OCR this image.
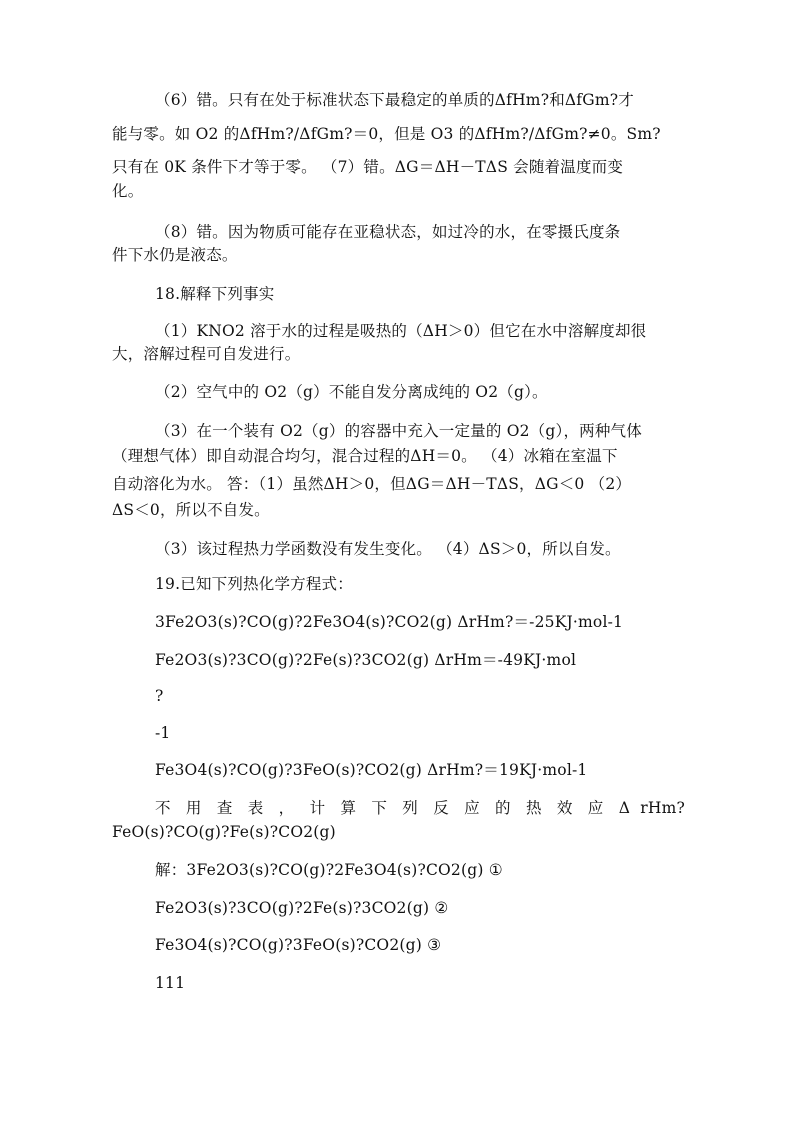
（6）错。只有在处于标准状态下最稳定的单质的ΔfHm?和ΔfGm?才
能与零。如 O2 的ΔfHm?/ΔfGm?＝0，但是 O3 的ΔfHm?/ΔfGm?≠0。Sm?
只有在 0K 条件下才等于零。 （7）错。ΔG＝ΔH－TΔS 会随着温度而变
化。
（8）错。因为物质可能存在亚稳状态，如过冷的水，在零摄氏度条
件下水仍是液态。
18.解释下列事实
（1）KNO2 溶于水的过程是吸热的（ΔH＞0）但它在水中溶解度却很
大，溶解过程可自发进行。
（2）空气中的 O2（g）不能自发分离成纯的 O2（g）。
（3）在一个装有 O2（g）的容器中充入一定量的 O2（g），两种气体
（理想气体）即自动混合均匀，混合过程的ΔH＝0。 （4）冰箱在室温下
自动溶化为水。 答：（1）虽然ΔH＞0，但ΔG＝ΔH－TΔS，ΔG＜0 （2）
ΔS＜0，所以不自发。
（3）该过程热力学函数没有发生变化。 （4）ΔS＞0，所以自发。
19.已知下列热化学方程式：
3Fe2O3(s)?CO(g)?2Fe3O4(s)?CO2(g) ΔrHm?＝-25KJ·mol-1
Fe2O3(s)?3CO(g)?2Fe(s)?3CO2(g) ΔrHm＝-49KJ·mol
?
-1
Fe3O4(s)?CO(g)?3FeO(s)?CO2(g) ΔrHm?＝19KJ·mol-1
不 用 查 表 ， 计 算 下 列 反 应 的 热 效 应 Δ rHm?
FeO(s)?CO(g)?Fe(s)?CO2(g)
解：3Fe2O3(s)?CO(g)?2Fe3O4(s)?CO2(g) ①
Fe2O3(s)?3CO(g)?2Fe(s)?3CO2(g) ②
Fe3O4(s)?CO(g)?3FeO(s)?CO2(g) ③
111
